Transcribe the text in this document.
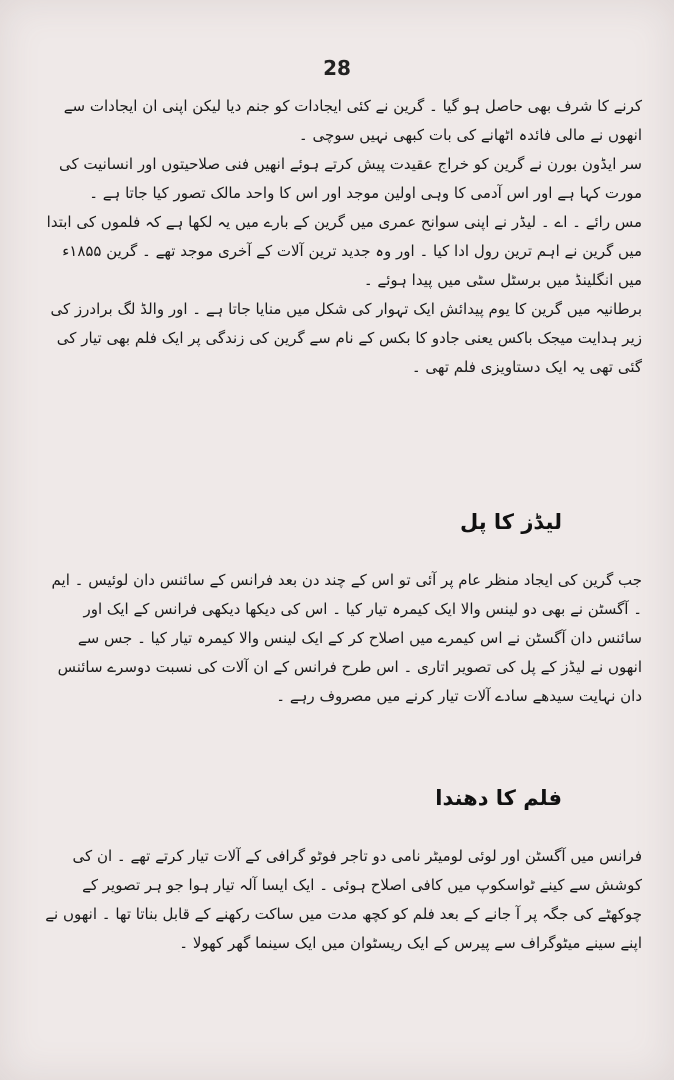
28

کرنے کا شرف بھی حاصل ہو گیا ۔ گرین نے کئی ایجادات کو جنم دیا لیکن اپنی ان ایجادات سے انھوں نے مالی فائدہ اٹھانے کی بات کبھی نہیں سوچی ۔

سر ایڈون بورن نے گرین کو خراج عقیدت پیش کرتے ہوئے انھیں فنی صلاحیتوں اور انسانیت کی مورت کہا ہے اور اس آدمی کا وہی اولین موجد اور اس کا واحد مالک تصور کیا جاتا ہے ۔

مس رائے ۔ اے ۔ لیڈر نے اپنی سوانح عمری میں گرین کے بارے میں یہ لکھا ہے کہ فلموں کی ابتدا میں گرین نے اہم ترین رول ادا کیا ۔ اور وہ جدید ترین آلات کے آخری موجد تھے ۔ گرین ۱۸۵۵ء میں انگلینڈ میں برسٹل سٹی میں پیدا ہوئے ۔

برطانیہ میں گرین کا یوم پیدائش ایک تہوار کی شکل میں منایا جاتا ہے ۔ اور والڈ لگ برادرز کی زیر ہدایت میجک باکس یعنی جادو کا بکس کے نام سے گرین کی زندگی پر ایک فلم بھی تیار کی گئی تھی یہ ایک دستاویزی فلم تھی ۔

لیڈز کا پل

جب گرین کی ایجاد منظر عام پر آئی تو اس کے چند دن بعد فرانس کے سائنس دان لوئیس ۔ ایم ۔ آگسٹن نے بھی دو لینس والا ایک کیمرہ تیار کیا ۔ اس کی دیکھا دیکھی فرانس کے ایک اور سائنس دان آگسٹن نے اس کیمرے میں اصلاح کر کے ایک لینس والا کیمرہ تیار کیا ۔ جس سے انھوں نے لیڈز کے پل کی تصویر اتاری ۔ اس طرح فرانس کے ان آلات کی نسبت دوسرے سائنس دان نہایت سیدھے سادے آلات تیار کرنے میں مصروف رہے ۔

فلم کا دھندا

فرانس میں آگسٹن اور لوئی لومیٹر نامی دو تاجر فوٹو گرافی کے آلات تیار کرتے تھے ۔ ان کی کوشش سے کینے ٹواسکوپ میں کافی اصلاح ہوئی ۔ ایک ایسا آلہ تیار ہوا جو ہر تصویر کے چوکھٹے کی جگہ پر آ جانے کے بعد فلم کو کچھ مدت میں ساکت رکھنے کے قابل بناتا تھا ۔ انھوں نے اپنے سینے میٹوگراف سے پیرس کے ایک ریسٹوان میں ایک سینما گھر کھولا ۔
